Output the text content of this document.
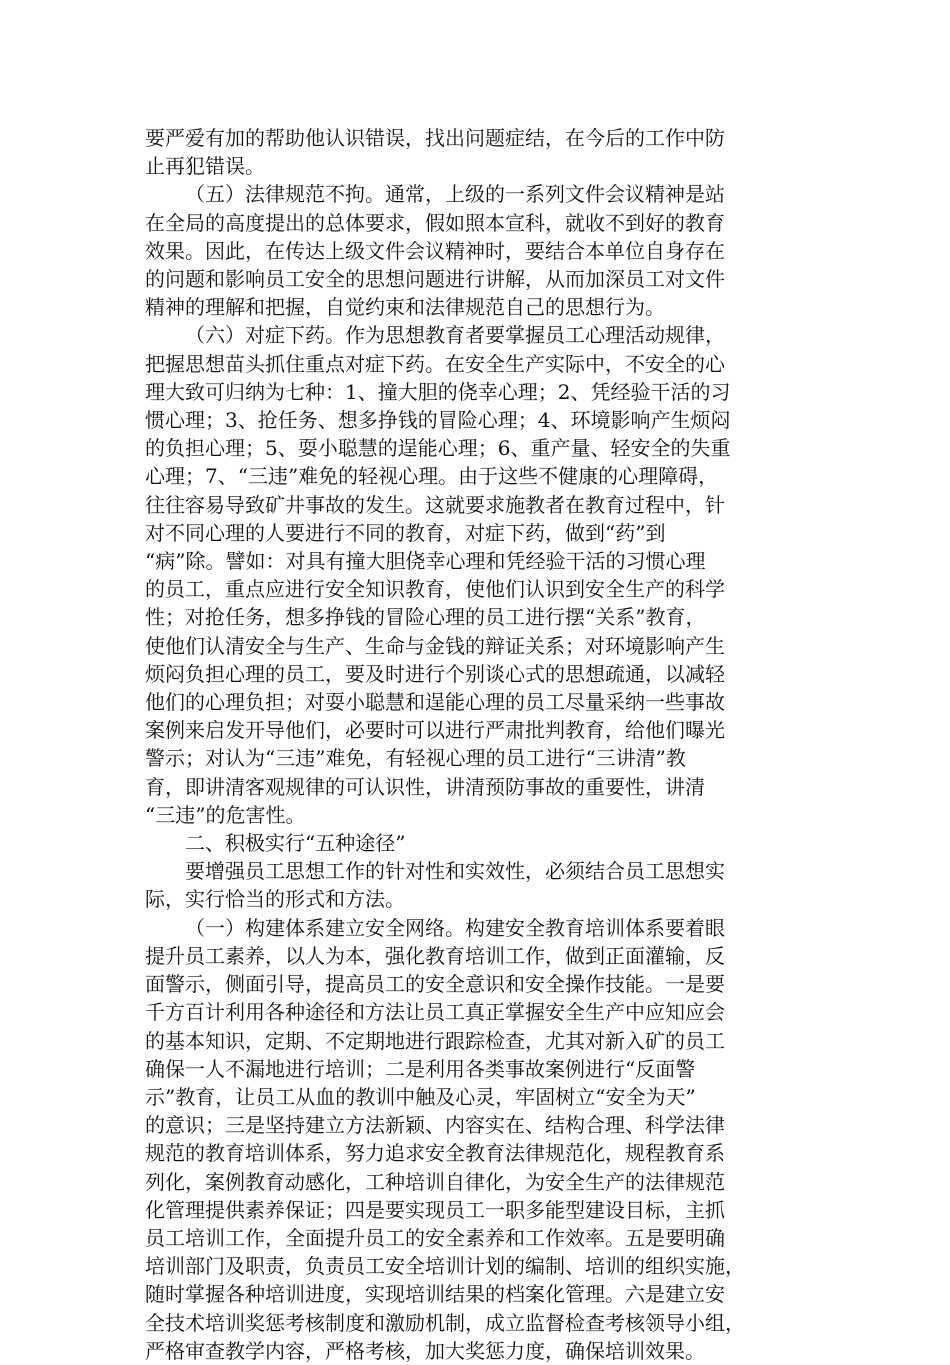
要严爱有加的帮助他认识错误，找出问题症结，在今后的工作中防
止再犯错误。
（五）法律规范不拘。通常，上级的一系列文件会议精神是站
在全局的高度提出的总体要求，假如照本宣科，就收不到好的教育
效果。因此，在传达上级文件会议精神时，要结合本单位自身存在
的问题和影响员工安全的思想问题进行讲解，从而加深员工对文件
精神的理解和把握，自觉约束和法律规范自己的思想行为。
（六）对症下药。作为思想教育者要掌握员工心理活动规律，
把握思想苗头抓住重点对症下药。在安全生产实际中，不安全的心
理大致可归纳为七种：1、撞大胆的侥幸心理；2、凭经验干活的习
惯心理；3、抢任务、想多挣钱的冒险心理；4、环境影响产生烦闷
的负担心理；5、耍小聪慧的逞能心理；6、重产量、轻安全的失重
心理；7、“三违”难免的轻视心理。由于这些不健康的心理障碍，
往往容易导致矿井事故的发生。这就要求施教者在教育过程中，针
对不同心理的人要进行不同的教育，对症下药，做到“药”到
“病”除。譬如：对具有撞大胆侥幸心理和凭经验干活的习惯心理
的员工，重点应进行安全知识教育，使他们认识到安全生产的科学
性；对抢任务，想多挣钱的冒险心理的员工进行摆“关系”教育，
使他们认清安全与生产、生命与金钱的辩证关系；对环境影响产生
烦闷负担心理的员工，要及时进行个别谈心式的思想疏通，以减轻
他们的心理负担；对耍小聪慧和逞能心理的员工尽量采纳一些事故
案例来启发开导他们，必要时可以进行严肃批判教育，给他们曝光
警示；对认为“三违”难免，有轻视心理的员工进行“三讲清”教
育，即讲清客观规律的可认识性，讲清预防事故的重要性，讲清
“三违”的危害性。
二、积极实行“五种途径”
要增强员工思想工作的针对性和实效性，必须结合员工思想实
际，实行恰当的形式和方法。
（一）构建体系建立安全网络。构建安全教育培训体系要着眼
提升员工素养，以人为本，强化教育培训工作，做到正面灌输，反
面警示，侧面引导，提高员工的安全意识和安全操作技能。一是要
千方百计利用各种途径和方法让员工真正掌握安全生产中应知应会
的基本知识，定期、不定期地进行跟踪检查，尤其对新入矿的员工
确保一人不漏地进行培训；二是利用各类事故案例进行“反面警
示”教育，让员工从血的教训中触及心灵，牢固树立“安全为天”
的意识；三是坚持建立方法新颖、内容实在、结构合理、科学法律
规范的教育培训体系，努力追求安全教育法律规范化，规程教育系
列化，案例教育动感化，工种培训自律化，为安全生产的法律规范
化管理提供素养保证；四是要实现员工一职多能型建设目标，主抓
员工培训工作，全面提升员工的安全素养和工作效率。五是要明确
培训部门及职责，负责员工安全培训计划的编制、培训的组织实施，
随时掌握各种培训进度，实现培训结果的档案化管理。六是建立安
全技术培训奖惩考核制度和激励机制，成立监督检查考核领导小组，
严格审查教学内容，严格考核，加大奖惩力度，确保培训效果。
